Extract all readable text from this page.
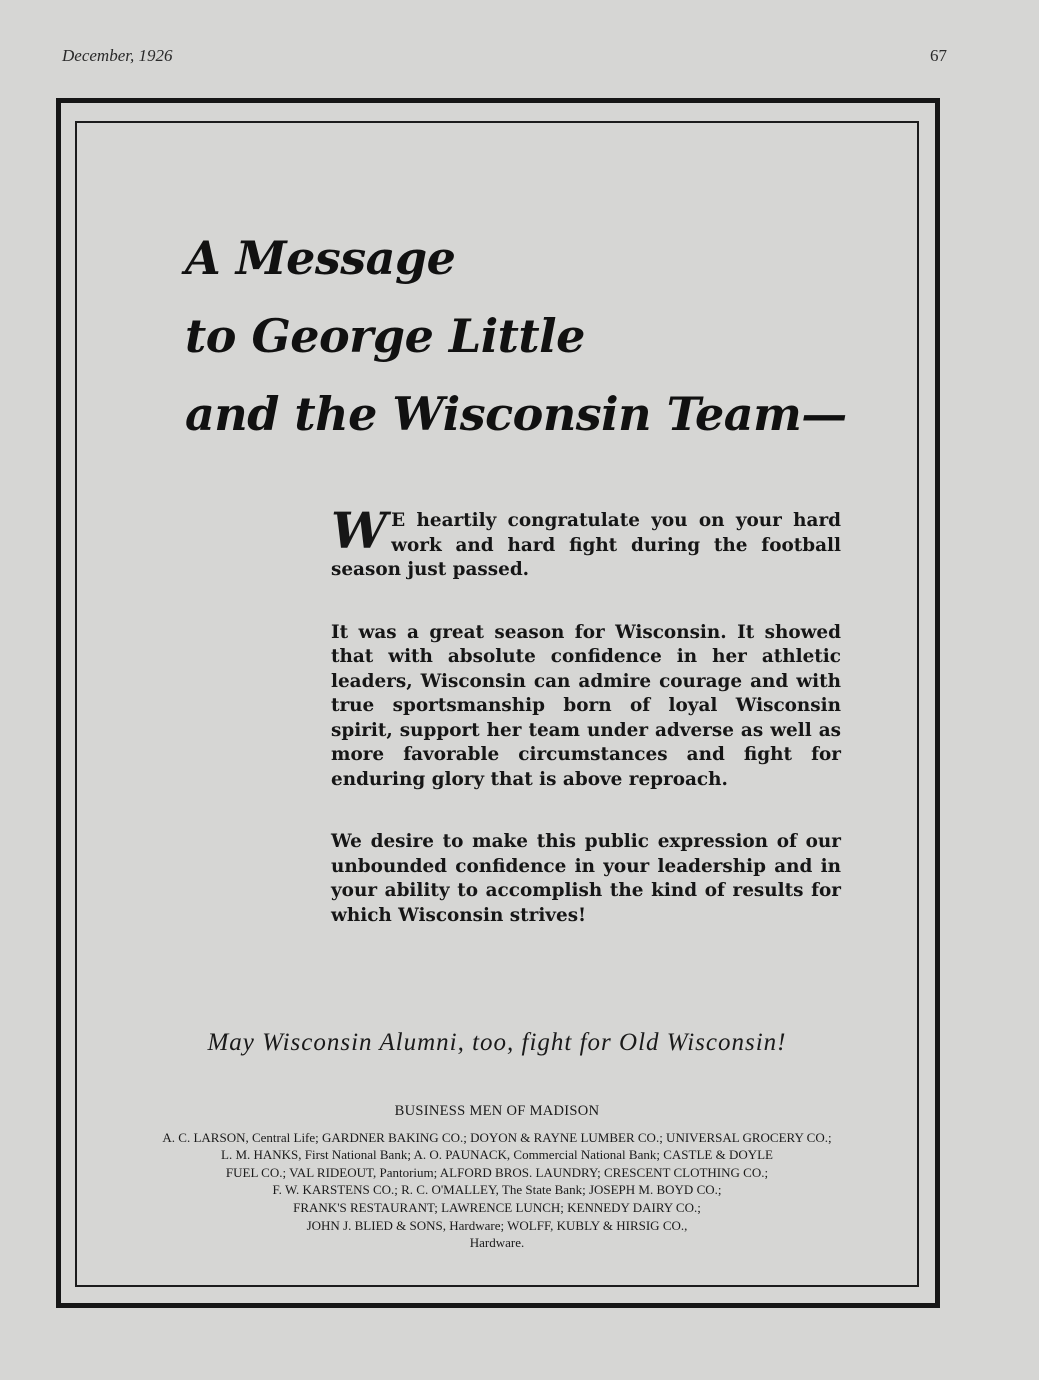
December, 1926	67
A Message
to George Little
and the Wisconsin Team—

W E heartily congratulate you on your hard work and hard fight during the football season just passed.

It was a great season for Wisconsin. It showed that with absolute confidence in her athletic leaders, Wisconsin can admire courage and with true sportsmanship born of loyal Wisconsin spirit, support her team under adverse as well as more favorable circumstances and fight for enduring glory that is above reproach.

We desire to make this public expression of our unbounded confidence in your leadership and in your ability to accomplish the kind of results for which Wisconsin strives!

May Wisconsin Alumni, too, fight for Old Wisconsin!
BUSINESS MEN OF MADISON
A. C. LARSON, Central Life; GARDNER BAKING CO.; DOYON & RAYNE LUMBER CO.; UNIVERSAL GROCERY CO.;
L. M. HANKS, First National Bank; A. O. PAUNACK, Commercial National Bank; CASTLE & DOYLE
FUEL CO.; VAL RIDEOUT, Pantorium; ALFORD BROS. LAUNDRY; CRESCENT CLOTHING CO.;
F. W. KARSTENS CO.; R. C. O'MALLEY, The State Bank; JOSEPH M. BOYD CO.;
FRANK'S RESTAURANT; LAWRENCE LUNCH; KENNEDY DAIRY CO.;
JOHN J. BLIED & SONS, Hardware; WOLFF, KUBLY & HIRSIG CO.,
Hardware.
